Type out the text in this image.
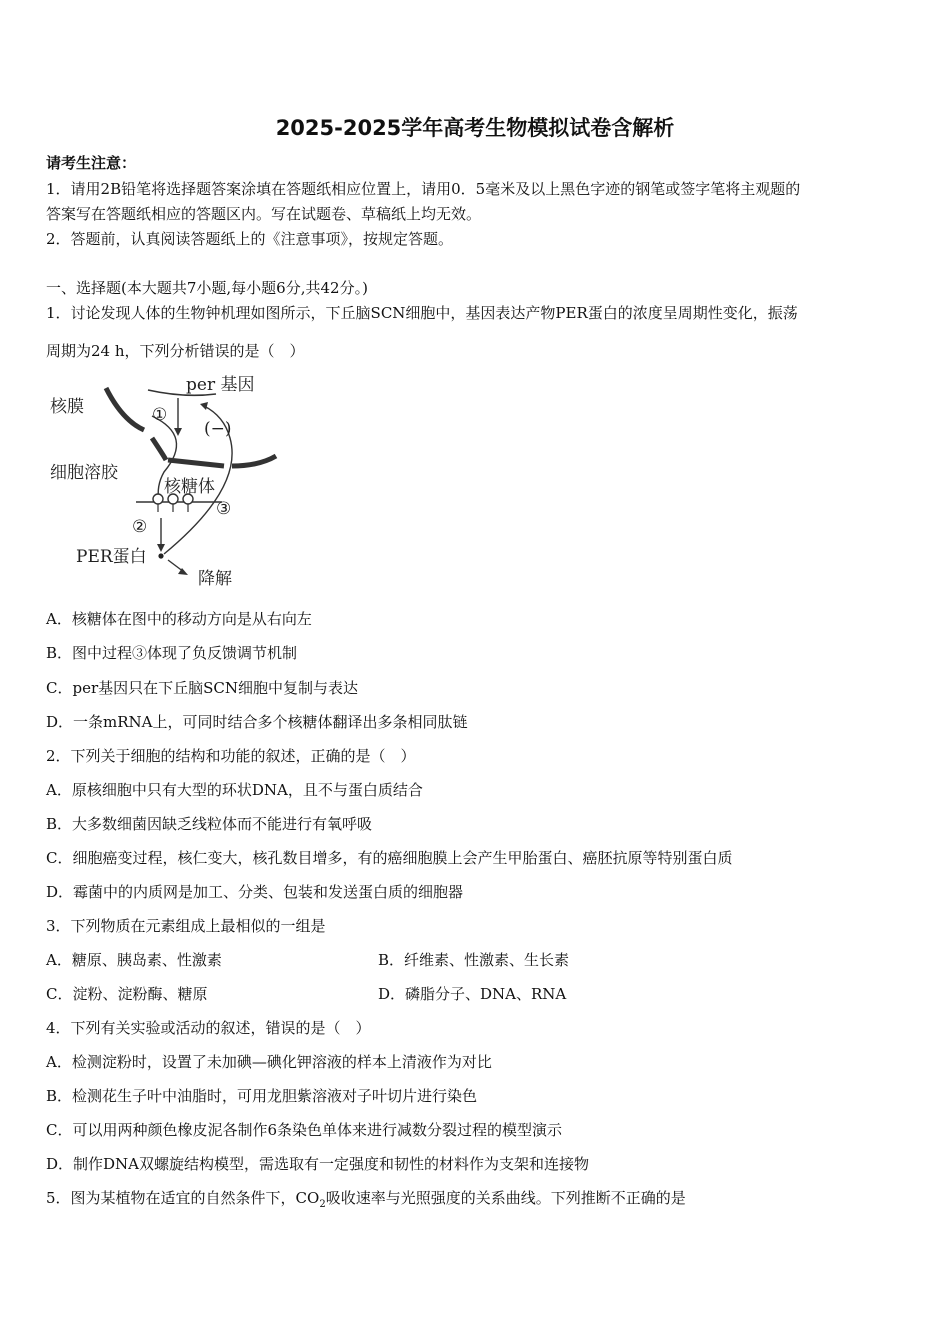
2025-2025学年高考生物模拟试卷含解析
请考生注意：
1．请用2B铅笔将选择题答案涂填在答题纸相应位置上，请用0．5毫米及以上黑色字迹的钢笔或签字笔将主观题的
答案写在答题纸相应的答题区内。写在试题卷、草稿纸上均无效。
2．答题前，认真阅读答题纸上的《注意事项》，按规定答题。
一、选择题(本大题共7小题,每小题6分,共42分。)
1．讨论发现人体的生物钟机理如图所示，下丘脑SCN细胞中，基因表达产物PER蛋白的浓度呈周期性变化，振荡
周期为24 h，下列分析错误的是（　）
per 基因
核膜	①
(−)
细胞溶胶
核糖体
③
②
PER蛋白
降解
A．核糖体在图中的移动方向是从右向左
B．图中过程③体现了负反馈调节机制
C．per基因只在下丘脑SCN细胞中复制与表达
D．一条mRNA上，可同时结合多个核糖体翻译出多条相同肽链
2．下列关于细胞的结构和功能的叙述，正确的是（　）
A．原核细胞中只有大型的环状DNA，且不与蛋白质结合
B．大多数细菌因缺乏线粒体而不能进行有氧呼吸
C．细胞癌变过程，核仁变大，核孔数目增多，有的癌细胞膜上会产生甲胎蛋白、癌胚抗原等特别蛋白质
D．霉菌中的内质网是加工、分类、包装和发送蛋白质的细胞器
3．下列物质在元素组成上最相似的一组是
A．糖原、胰岛素、性激素	B．纤维素、性激素、生长素
C．淀粉、淀粉酶、糖原	D．磷脂分子、DNA、RNA
4．下列有关实验或活动的叙述，错误的是（　）
A．检测淀粉时，设置了未加碘—碘化钾溶液的样本上清液作为对比
B．检测花生子叶中油脂时，可用龙胆紫溶液对子叶切片进行染色
C．可以用两种颜色橡皮泥各制作6条染色单体来进行减数分裂过程的模型演示
D．制作DNA双螺旋结构模型，需选取有一定强度和韧性的材料作为支架和连接物
5．图为某植物在适宜的自然条件下，$CO_2$吸收速率与光照强度的关系曲线。下列推断不正确的是
